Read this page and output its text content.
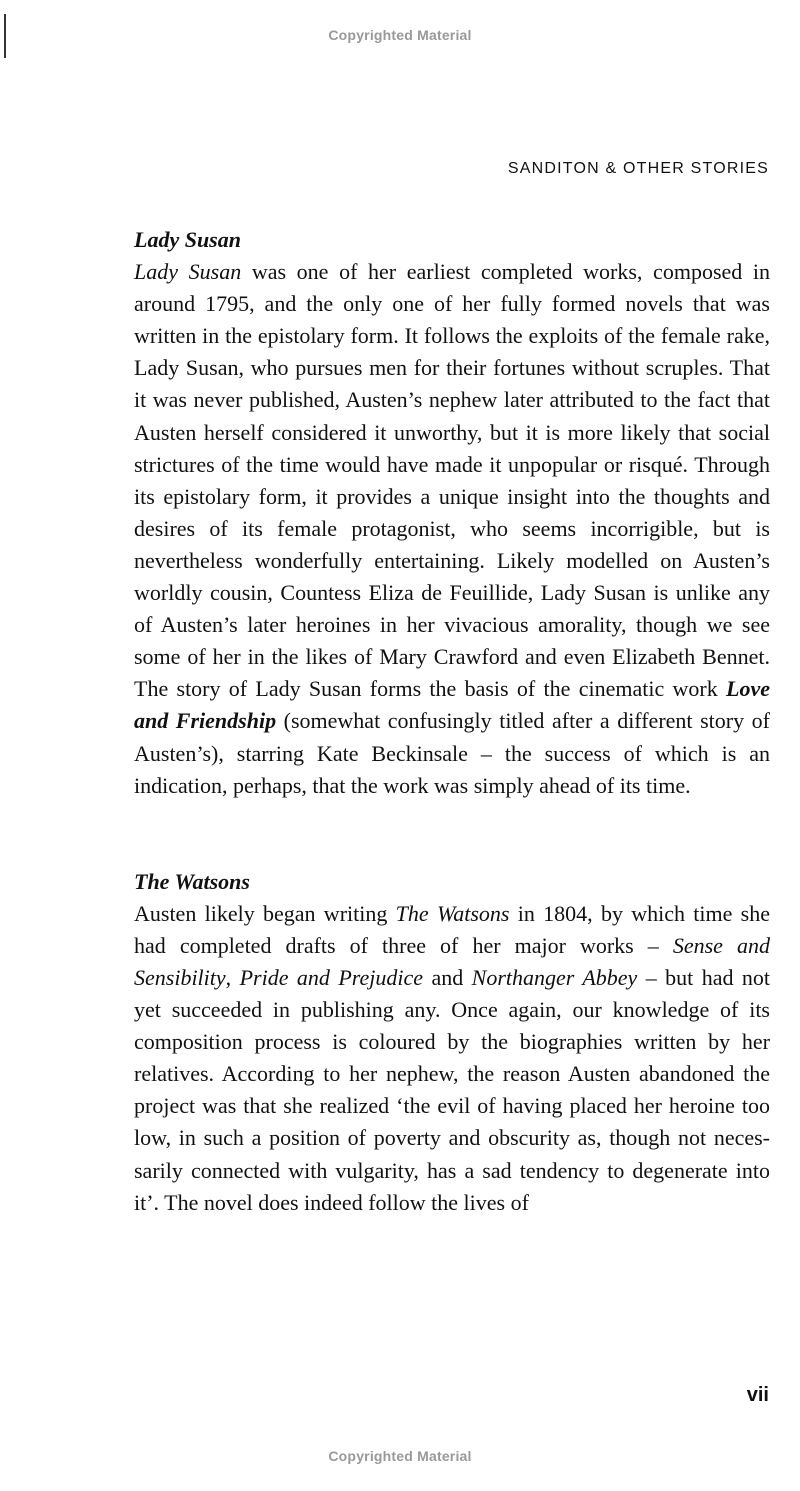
Copyrighted Material
SANDITON & OTHER STORIES
Lady Susan

Lady Susan was one of her earliest completed works, composed in around 1795, and the only one of her fully formed novels that was written in the epistolary form. It follows the exploits of the female rake, Lady Susan, who pursues men for their fortunes without scruples. That it was never published, Austen’s nephew later attributed to the fact that Austen herself considered it unworthy, but it is more likely that social strictures of the time would have made it unpopular or risqué. Through its epistolary form, it provides a unique insight into the thoughts and desires of its female protagonist, who seems incorrigible, but is nevertheless wonderfully entertaining. Likely modelled on Austen’s worldly cousin, Countess Eliza de Feuillide, Lady Susan is unlike any of Austen’s later heroines in her vivacious amorality, though we see some of her in the likes of Mary Crawford and even Elizabeth Bennet. The story of Lady Susan forms the basis of the cinematic work Love and Friendship (somewhat confusingly titled after a different story of Austen’s), starring Kate Beckinsale – the success of which is an indication, perhaps, that the work was simply ahead of its time.

The Watsons

Austen likely began writing The Watsons in 1804, by which time she had completed drafts of three of her major works – Sense and Sensibility, Pride and Prejudice and Northanger Abbey – but had not yet succeeded in publishing any. Once again, our knowledge of its composition process is coloured by the biographies written by her relatives. According to her nephew, the reason Austen abandoned the project was that she realized ‘the evil of having placed her heroine too low, in such a position of poverty and obscurity as, though not necessarily connected with vulgarity, has a sad tendency to degenerate into it’. The novel does indeed follow the lives of

vii
Copyrighted Material
